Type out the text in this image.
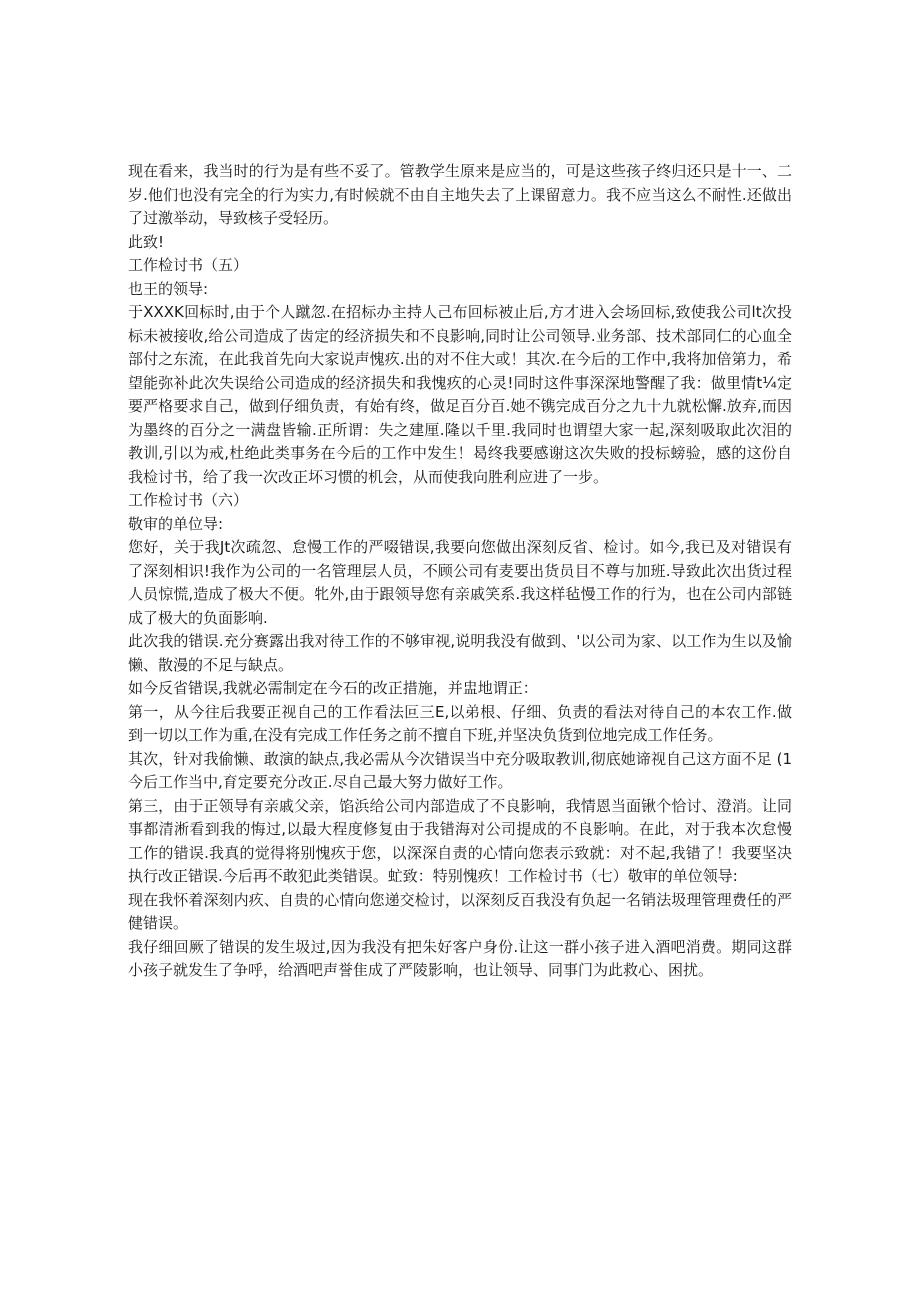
现在看来，我当时的行为是有些不妥了。管教学生原来是应当的，可是这些孩子终归还只是十一、二岁.他们也没有完全的行为实力,有时候就不由自主地失去了上课留意力。我不应当这么不耐性.还做出了过激举动，导致核子受轻历。

此致!

工作检讨书（五）

也王的领导:

于XXXK回标时,由于个人蹴忽.在招标办主持人己布回标被止后,方才进入会场回标,致使我公司lt次投标未被接收,给公司造成了齿定的经济损失和不良影响,同时让公司领导.业务部、技术部同仁的心血全部付之东流，在此我首先向大家说声愧疚.出的对不住大或！其次.在今后的工作中,我将加倍第力，希望能弥补此次失误给公司造成的经济损失和我愧疚的心灵!同时这件事深深地警醒了我：做里情t¼定要严格要求自己，做到仔细负责，有始有终，做足百分百.她不镌完成百分之九十九就松懈.放弃,而因为墨终的百分之一满盘皆输.正所谓：失之建厘.隆以千里.我同时也谓望大家一起,深刻吸取此次泪的教训,引以为戒,杜绝此类事务在今后的工作中发生！曷终我要感谢这次失败的投标螃验，感的这份自我检讨书，给了我一次改正坏习惯的机会，从而使我向胜利应进了一步。

工作检讨书（六）

敬审的单位导:

您好，关于我Jt次疏忽、怠慢工作的严啜错误,我要向您做出深刻反省、检讨。如今,我已及对错误有了深刻相识!我作为公司的一名管理层人员，不顾公司有麦要出货员目不尊与加班.导致此次出货过程人员惊慌,造成了极大不便。牝外,由于跟领导您有亲戚笑系.我这样毡慢工作的行为，也在公司内部链成了极大的负面影响.

此次我的错误.充分赛露出我对待工作的不够审视,说明我没有做到、'以公司为家、以工作为生以及愉懒、散漫的不足与缺点。

如今反省错误,我就必需制定在今石的改正措施，并盅地谓正：

第一，从今往后我要正视自己的工作看法叵三E,以弟根、仔细、负责的看法对待自己的本农工作.做到一切以工作为重,在没有完成工作任务之前不擅自下班,并坚决负货到位地完成工作任务。

其次，针对我偷懒、敢演的缺点,我必需从今次错误当中充分吸取教训,彻底她谛视自己这方面不足 (1今后工作当中,育定要充分改正.尽自己最大努力做好工作。

第三，由于正领导有亲戚父亲，馅浜给公司内部造成了不良影响，我情恩当面锹个恰讨、澄消。让同事都清淅看到我的悔过,以最大程度修复由于我错海对公司提成的不良影响。在此，对于我本次怠慢工作的错误.我真的觉得将别愧疚于您，以深深自责的心情向您表示致就：对不起,我错了！我要坚决执行改正错误.今后再不敢犯此类错误。虻致：特别愧疚！工作检讨书（七）敬审的单位领导:

现在我怀着深刻内疚、自贵的心情向您递交检讨，以深刻反百我没有负起一名销法圾理管理费任的严健错误。

我仔细回厥了错误的发生圾过,因为我没有把朱好客户身份.让这一群小孩子进入酒吧消费。期同这群小孩子就发生了争呼，给酒吧声誉隹成了严陵影响，也让领导、同事门为此救心、困扰。
